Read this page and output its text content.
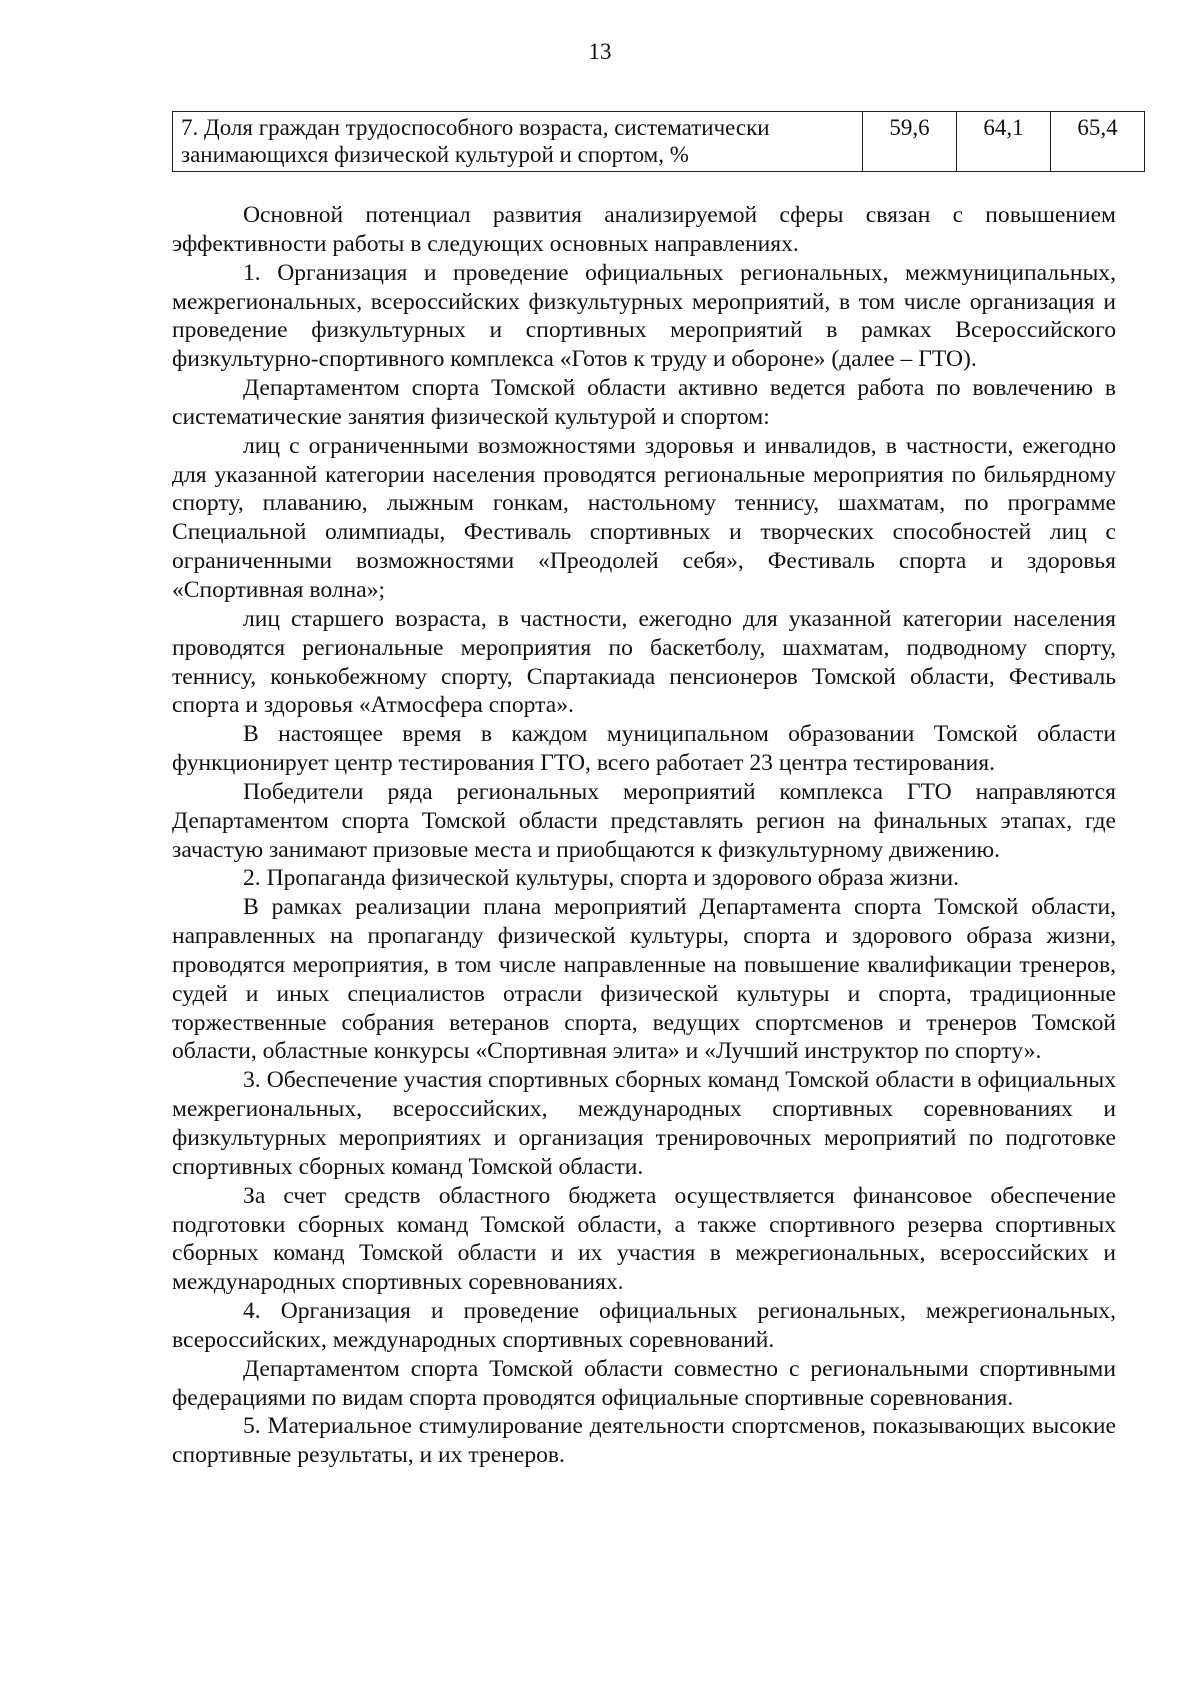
13
7. Доля граждан трудоспособного возраста, систематически занимающихся физической культурой и спортом, %	59,6	64,1	65,4

Основной потенциал развития анализируемой сферы связан с повышением эффективности работы в следующих основных направлениях.

1. Организация и проведение официальных региональных, межмуниципальных, межрегиональных, всероссийских физкультурных мероприятий, в том числе организация и проведение физкультурных и спортивных мероприятий в рамках Всероссийского физкультурно-спортивного комплекса «Готов к труду и обороне» (далее – ГТО).

Департаментом спорта Томской области активно ведется работа по вовлечению в систематические занятия физической культурой и спортом:

лиц с ограниченными возможностями здоровья и инвалидов, в частности, ежегодно для указанной категории населения проводятся региональные мероприятия по бильярдному спорту, плаванию, лыжным гонкам, настольному теннису, шахматам, по программе Специальной олимпиады, Фестиваль спортивных и творческих способностей лиц с ограниченными возможностями «Преодолей себя», Фестиваль спорта и здоровья «Спортивная волна»;

лиц старшего возраста, в частности, ежегодно для указанной категории населения проводятся региональные мероприятия по баскетболу, шахматам, подводному спорту, теннису, конькобежному спорту, Спартакиада пенсионеров Томской области, Фестиваль спорта и здоровья «Атмосфера спорта».

В настоящее время в каждом муниципальном образовании Томской области функционирует центр тестирования ГТО, всего работает 23 центра тестирования.

Победители ряда региональных мероприятий комплекса ГТО направляются Департаментом спорта Томской области представлять регион на финальных этапах, где зачастую занимают призовые места и приобщаются к физкультурному движению.

2. Пропаганда физической культуры, спорта и здорового образа жизни.

В рамках реализации плана мероприятий Департамента спорта Томской области, направленных на пропаганду физической культуры, спорта и здорового образа жизни, проводятся мероприятия, в том числе направленные на повышение квалификации тренеров, судей и иных специалистов отрасли физической культуры и спорта, традиционные торжественные собрания ветеранов спорта, ведущих спортсменов и тренеров Томской области, областные конкурсы «Спортивная элита» и «Лучший инструктор по спорту».

3. Обеспечение участия спортивных сборных команд Томской области в официальных межрегиональных, всероссийских, международных спортивных соревнованиях и физкультурных мероприятиях и организация тренировочных мероприятий по подготовке спортивных сборных команд Томской области.

За счет средств областного бюджета осуществляется финансовое обеспечение подготовки сборных команд Томской области, а также спортивного резерва спортивных сборных команд Томской области и их участия в межрегиональных, всероссийских и международных спортивных соревнованиях.

4. Организация и проведение официальных региональных, межрегиональных, всероссийских, международных спортивных соревнований.

Департаментом спорта Томской области совместно с региональными спортивными федерациями по видам спорта проводятся официальные спортивные соревнования.

5. Материальное стимулирование деятельности спортсменов, показывающих высокие спортивные результаты, и их тренеров.
